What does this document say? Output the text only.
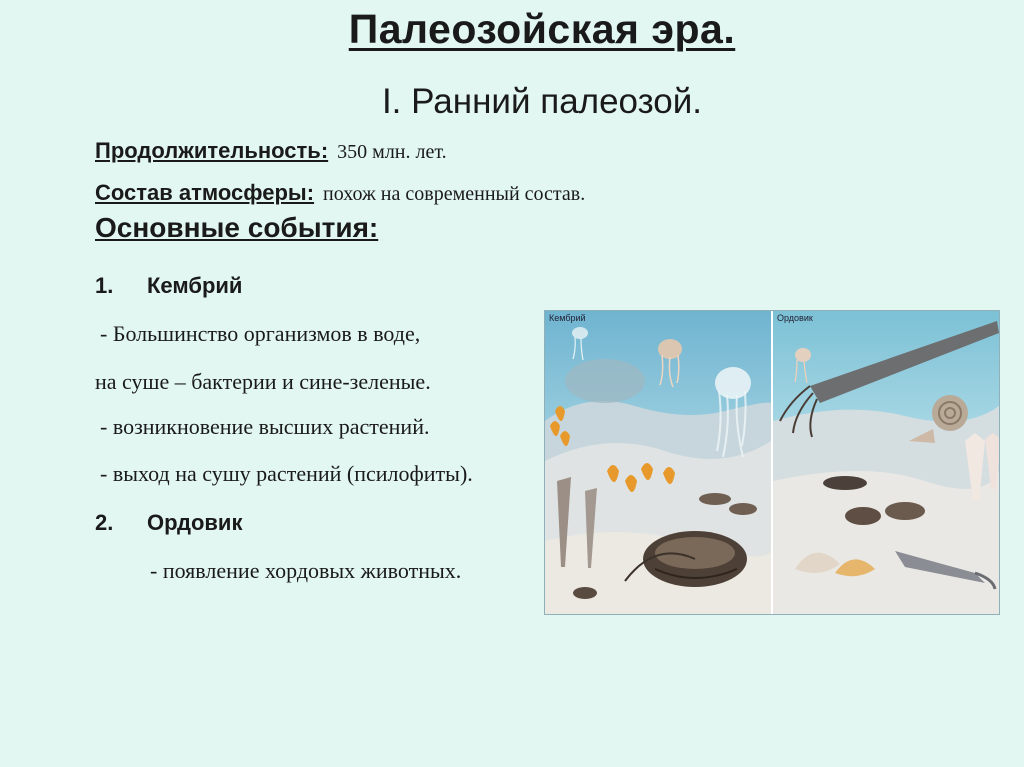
Палеозойская эра.
I. Ранний палеозой.
Продолжительность: 350 млн. лет.
Состав атмосферы: похож на современный состав.
Основные события:
1. Кембрий
- Большинство организмов в воде,
на суше – бактерии и сине-зеленые.
- возникновение высших растений.
- выход на сушу растений (псилофиты).
2. Ордовик
- появление хордовых животных.
Кембрий	Ордовик
